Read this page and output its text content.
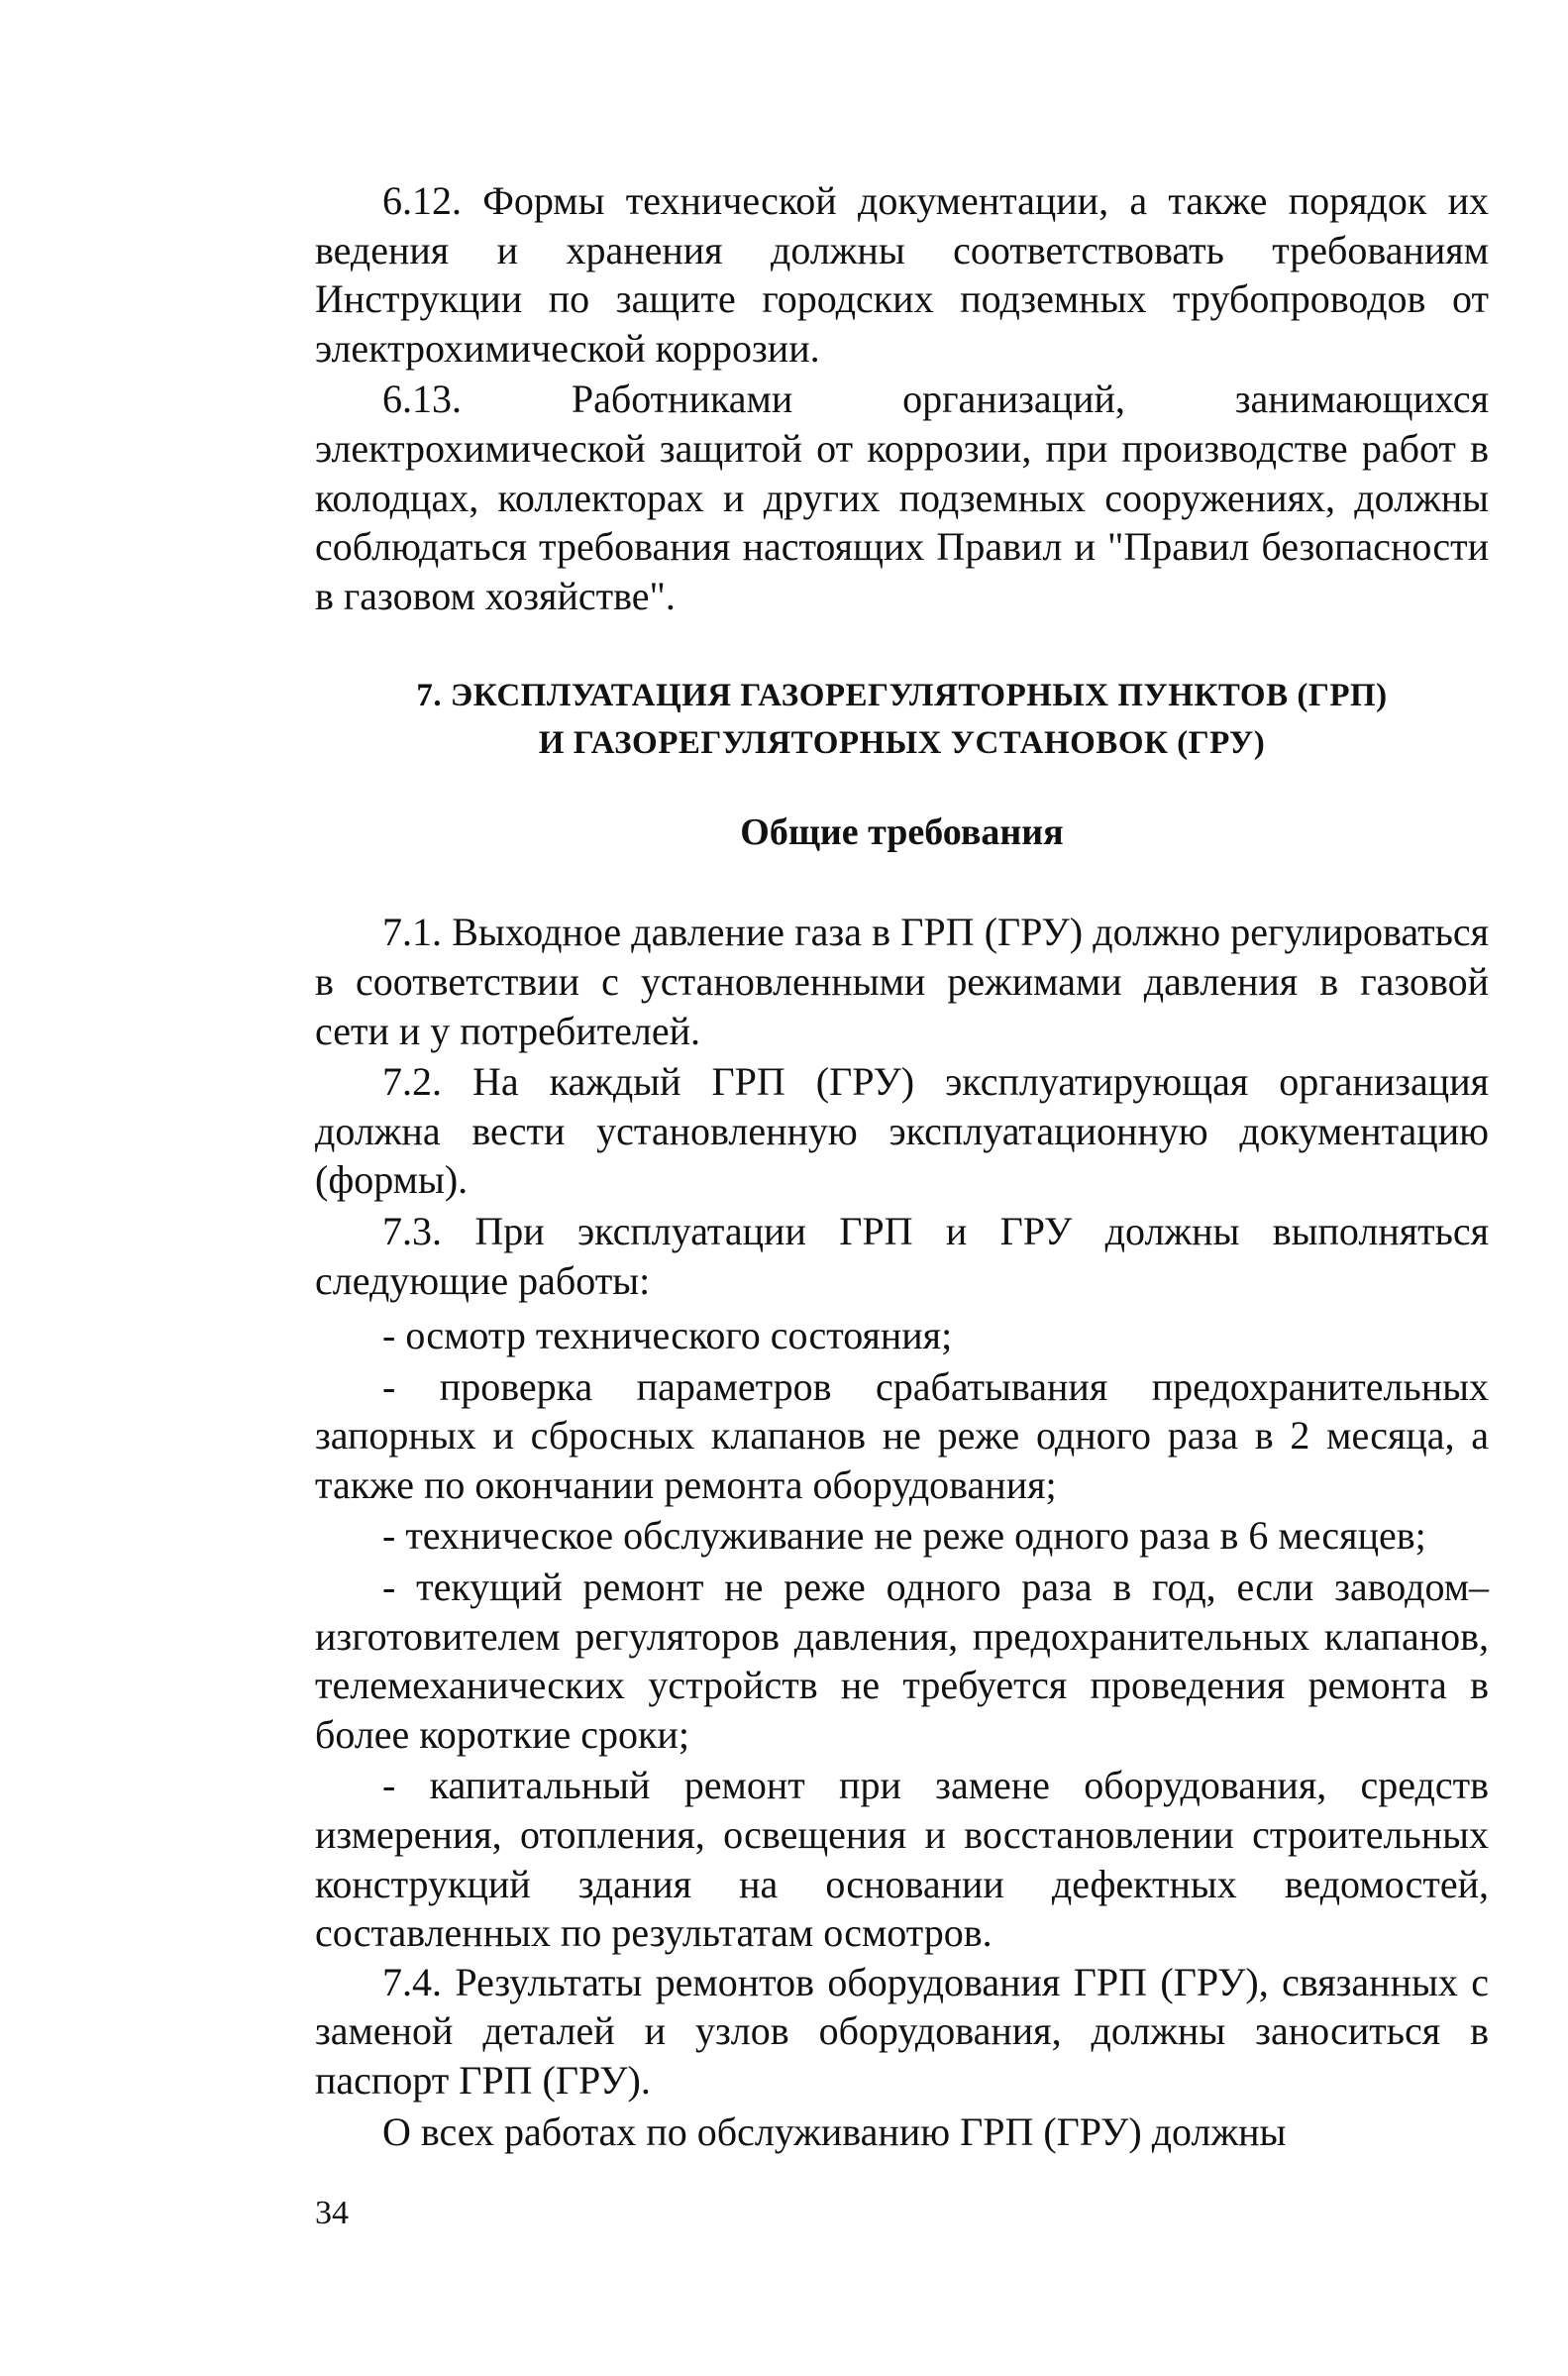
6.12. Формы технической документации, а также порядок их ведения и хранения должны соответствовать требованиям Инструкции по защите городских подземных трубопроводов от электрохимической коррозии.

6.13. Работниками организаций, занимающихся электрохимической защитой от коррозии, при производстве работ в колодцах, коллекторах и других подземных сооружениях, должны соблюдаться требования настоящих Правил и "Правил безопасности в газовом хозяйстве".

7. ЭКСПЛУАТАЦИЯ ГАЗОРЕГУЛЯТОРНЫХ ПУНКТОВ (ГРП)
И ГАЗОРЕГУЛЯТОРНЫХ УСТАНОВОК (ГРУ)
Общие требования

7.1. Выходное давление газа в ГРП (ГРУ) должно регулироваться в соответствии с установленными режимами давления в газовой сети и у потребителей.

7.2. На каждый ГРП (ГРУ) эксплуатирующая организация должна вести установленную эксплуатационную документацию (формы).

7.3. При эксплуатации ГРП и ГРУ должны выполняться следующие работы:

- осмотр технического состояния;

- проверка параметров срабатывания предохранительных запорных и сбросных клапанов не реже одного раза в 2 месяца, а также по окончании ремонта оборудования;

- техническое обслуживание не реже одного раза в 6 месяцев;

- текущий ремонт не реже одного раза в год, если заводом–изготовителем регуляторов давления, предохранительных клапанов, телемеханических устройств не требуется проведения ремонта в более короткие сроки;

- капитальный ремонт при замене оборудования, средств измерения, отопления, освещения и восстановлении строительных конструкций здания на основании дефектных ведомостей, составленных по результатам осмотров.

7.4. Результаты ремонтов оборудования ГРП (ГРУ), связанных с заменой деталей и узлов оборудования, должны заноситься в паспорт ГРП (ГРУ).

О всех работах по обслуживанию ГРП (ГРУ) должны

34
